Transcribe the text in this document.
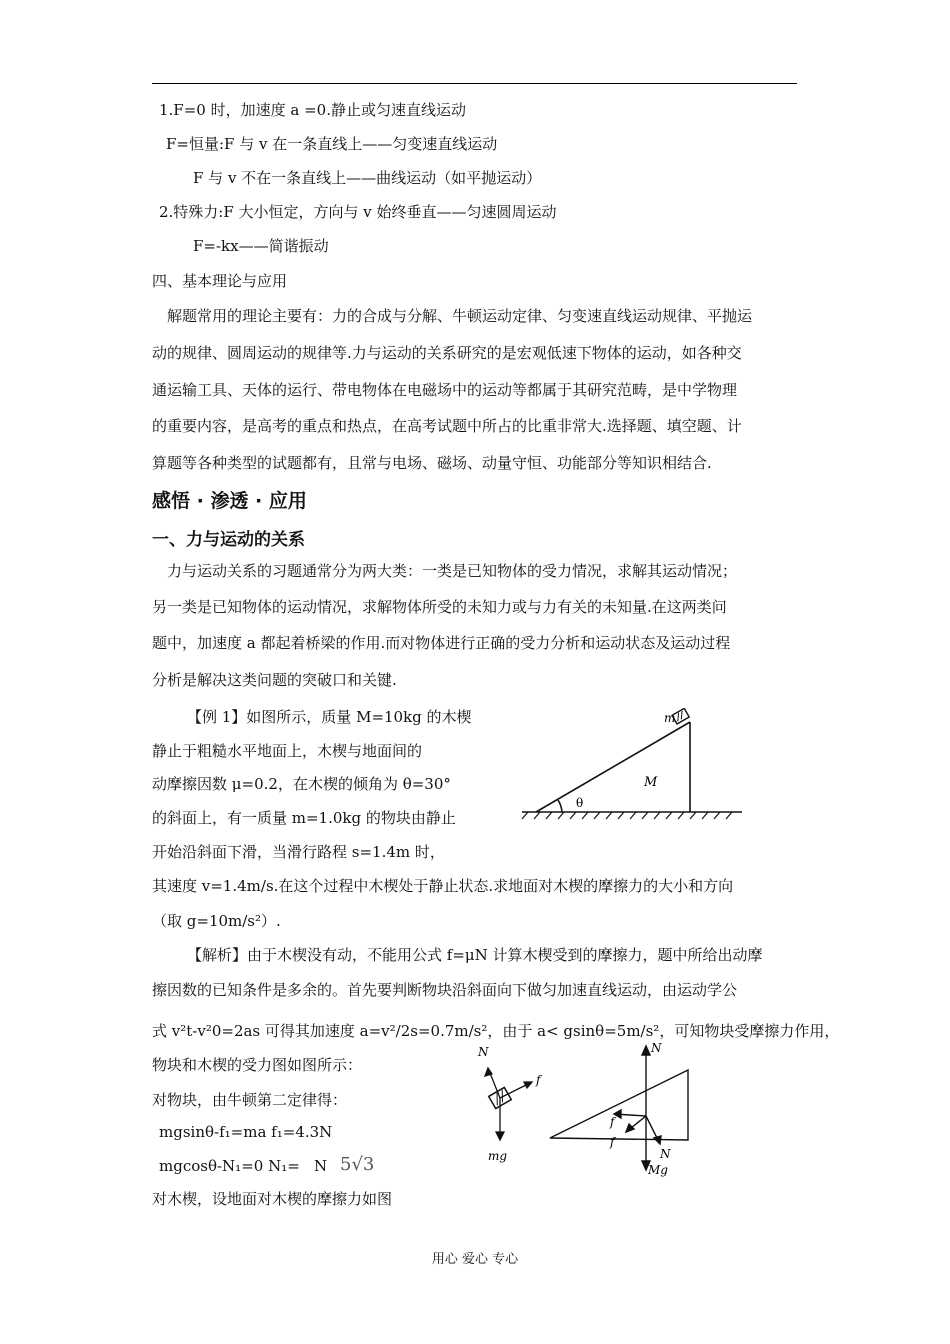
1.F=0 时，加速度 a =0.静止或匀速直线运动
F=恒量:F 与 v 在一条直线上——匀变速直线运动
F 与 v 不在一条直线上——曲线运动（如平抛运动）
2.特殊力:F 大小恒定，方向与 v 始终垂直——匀速圆周运动
F=-kx——简谐振动
四、基本理论与应用
解题常用的理论主要有：力的合成与分解、牛顿运动定律、匀变速直线运动规律、平抛运
动的规律、圆周运动的规律等.力与运动的关系研究的是宏观低速下物体的运动，如各种交
通运输工具、天体的运行、带电物体在电磁场中的运动等都属于其研究范畴，是中学物理
的重要内容，是高考的重点和热点，在高考试题中所占的比重非常大.选择题、填空题、计
算题等各种类型的试题都有，且常与电场、磁场、动量守恒、功能部分等知识相结合.
感悟 · 渗透 · 应用
一、力与运动的关系
力与运动关系的习题通常分为两大类：一类是已知物体的受力情况，求解其运动情况；
另一类是已知物体的运动情况，求解物体所受的未知力或与力有关的未知量.在这两类问
题中，加速度 a 都起着桥梁的作用.而对物体进行正确的受力分析和运动状态及运动过程
分析是解决这类问题的突破口和关键.
【例 1】如图所示，质量 M=10kg 的木楔
静止于粗糙水平地面上，木楔与地面间的
动摩擦因数 μ=0.2，在木楔的倾角为 θ=30°
的斜面上，有一质量 m=1.0kg 的物块由静止
开始沿斜面下滑，当滑行路程 s=1.4m 时，
其速度 v=1.4m/s.在这个过程中木楔处于静止状态.求地面对木楔的摩擦力的大小和方向
（取 g=10m/s²）.
m
M
θ
【解析】由于木楔没有动，不能用公式 f=μN 计算木楔受到的摩擦力，题中所给出动摩
擦因数的已知条件是多余的。首先要判断物块沿斜面向下做匀加速直线运动，由运动学公
式 v²t-v²0=2as 可得其加速度 a=v²/2s=0.7m/s²，由于 a< gsinθ=5m/s²，可知物块受摩擦力作用，
物块和木楔的受力图如图所示：
对物块，由牛顿第二定律得：
mgsinθ-f₁=ma f₁=4.3N
mgcosθ-N₁=0 N₁= N 5√3
对木楔，设地面对木楔的摩擦力如图
N
f
mg
N
f
f
N
Mg
用心 爱心 专心
